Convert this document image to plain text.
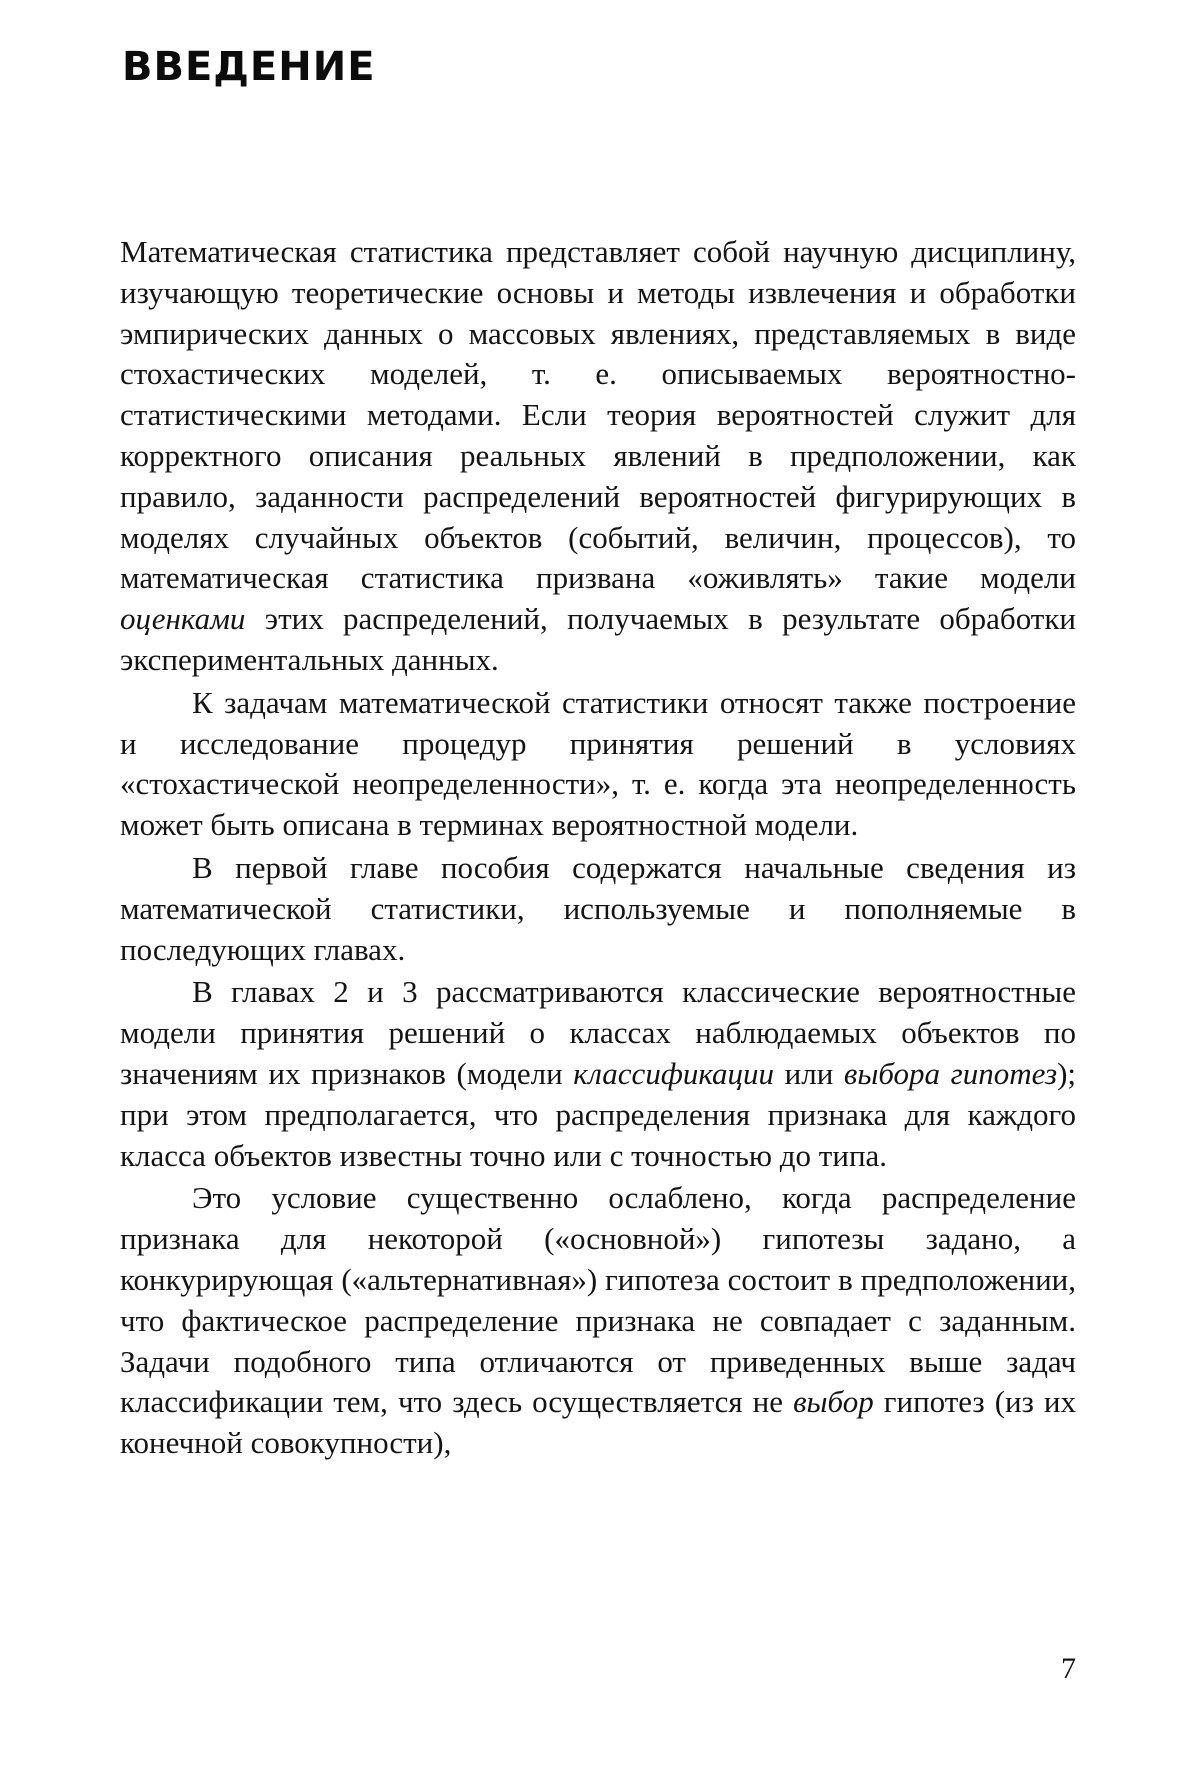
ВВЕДЕНИЕ

Математическая статистика представляет собой научную дисциплину, изучающую теоретические основы и методы извлечения и обработки эмпирических данных о массовых явлениях, представляемых в виде стохастических моделей, т. е. описываемых вероятностно-статистическими методами. Если теория вероятностей служит для корректного описания реальных явлений в предположении, как правило, заданности распределений вероятностей фигурирующих в моделях случайных объектов (событий, величин, процессов), то математическая статистика призвана «оживлять» такие модели оценками этих распределений, получаемых в результате обработки экспериментальных данных.

К задачам математической статистики относят также построение и исследование процедур принятия решений в условиях «стохастической неопределенности», т. е. когда эта неопределенность может быть описана в терминах вероятностной модели.

В первой главе пособия содержатся начальные сведения из математической статистики, используемые и пополняемые в последующих главах.

В главах 2 и 3 рассматриваются классические вероятностные модели принятия решений о классах наблюдаемых объектов по значениям их признаков (модели классификации или выбора гипотез); при этом предполагается, что распределения признака для каждого класса объектов известны точно или с точностью до типа.

Это условие существенно ослаблено, когда распределение признака для некоторой («основной») гипотезы задано, а конкурирующая («альтернативная») гипотеза состоит в предположении, что фактическое распределение признака не совпадает с заданным. Задачи подобного типа отличаются от приведенных выше задач классификации тем, что здесь осуществляется не выбор гипотез (из их конечной совокупности),

7
